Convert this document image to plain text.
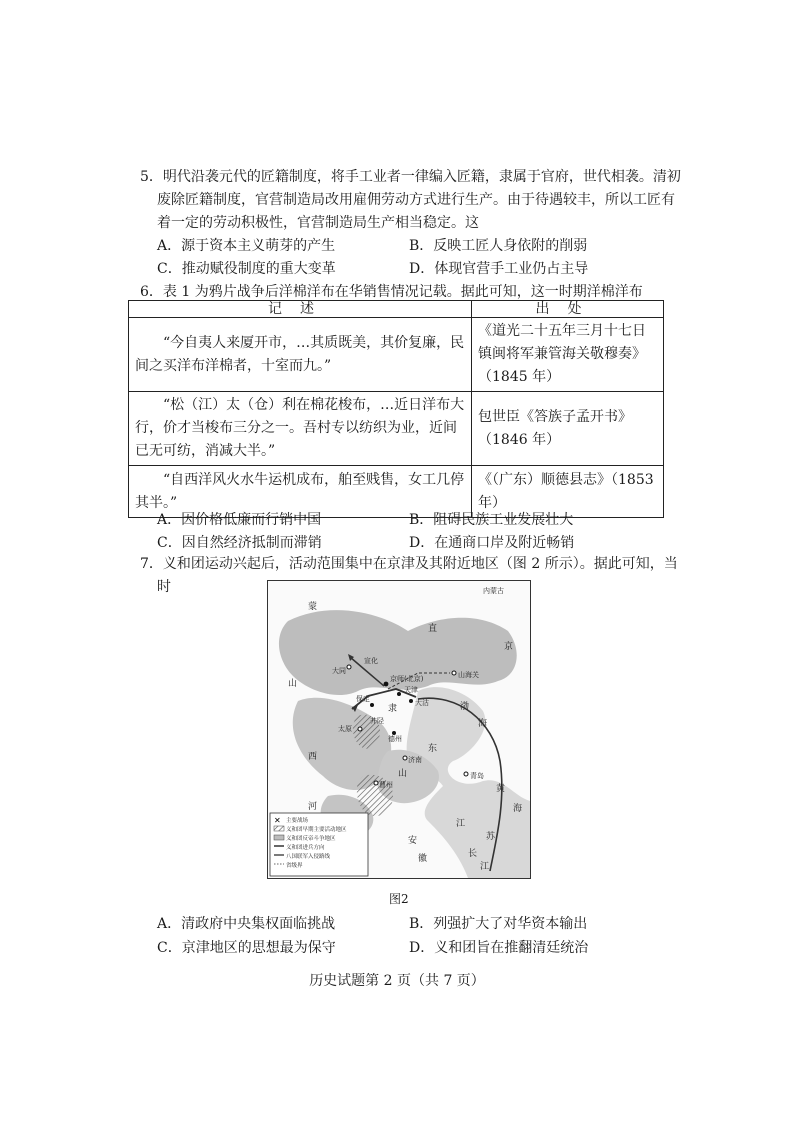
5．明代沿袭元代的匠籍制度，将手工业者一律编入匠籍，隶属于官府，世代相袭。清初废除匠籍制度，官营制造局改用雇佣劳动方式进行生产。由于待遇较丰，所以工匠有着一定的劳动积极性，官营制造局生产相当稳定。这
A．源于资本主义萌芽的产生	B．反映工匠人身依附的削弱
C．推动赋役制度的重大变革	D．体现官营手工业仍占主导
6．表 1 为鸦片战争后洋棉洋布在华销售情况记载。据此可知，这一时期洋棉洋布
记述	出处
“今自夷人来厦开市，…其质既美，其价复廉，民间之买洋布洋棉者，十室而九。”	《道光二十五年三月十七日镇闽将军兼管海关敬穆奏》（1845 年）
“松（江）太（仓）利在棉花梭布，…近日洋布大行，价才当梭布三分之一。吾村专以纺织为业，近间已无可纺，消减大半。”	包世臣《答族子孟开书》（1846 年）
“自西洋风火水牛运机成布，舶至贱售，女工几停其半。”	《（广东）顺德县志》（1853 年）
A．因价格低廉而行销中国	B．阻碍民族工业发展壮大
C．因自然经济抵制而滞销	D．在通商口岸及附近畅销
7．义和团运动兴起后，活动范围集中在京津及其附近地区（图 2 所示）。据此可知，当时	内蒙古
宣化
大同
京师(北京)	山海关
天津
保定	大沽
太原
井陉
德州
济南
青岛
曹州
蒙
直
隶
京
山
西
东
山
渤
海
黄
海
河
安
江
苏
徽	长
江
✕ 主要战场
义和团早期主要活动地区
义和团反帝斗争地区
义和团进兵方向
八国联军入侵路线
省级界
图2
A．清政府中央集权面临挑战	B．列强扩大了对华资本输出
C．京津地区的思想最为保守	D．义和团旨在推翻清廷统治
历史试题第 2 页（共 7 页）
